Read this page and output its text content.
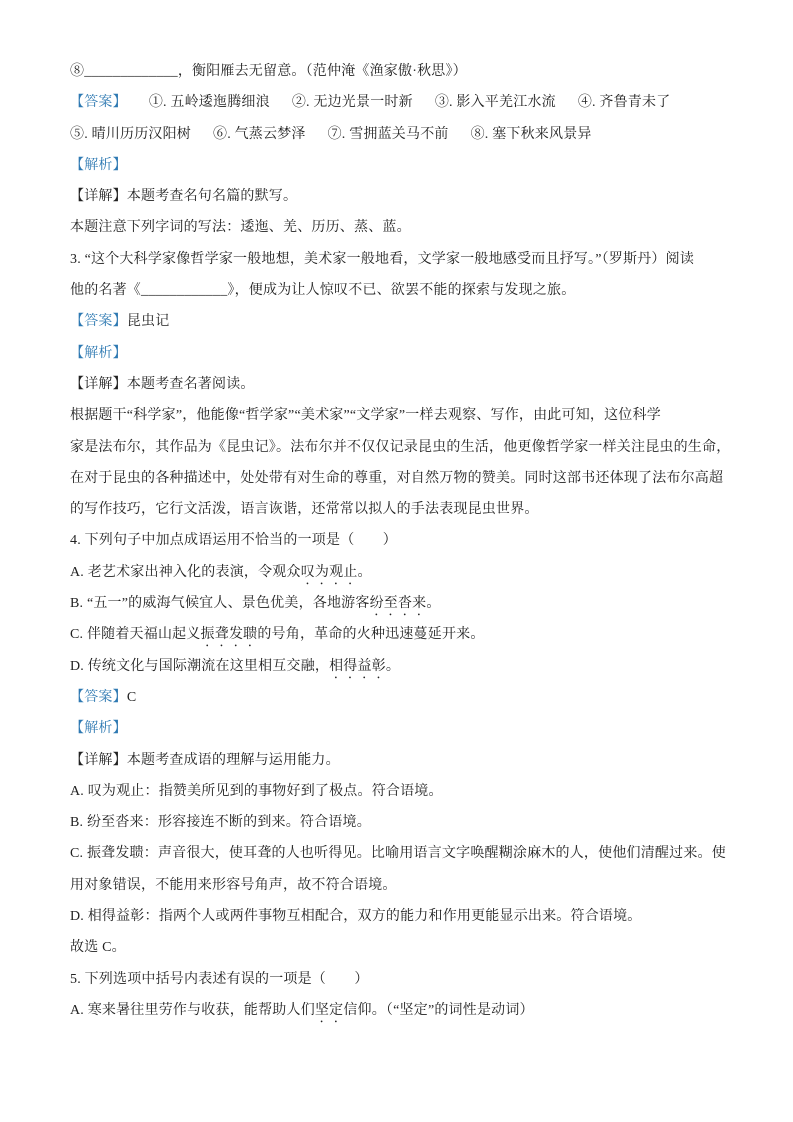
⑧_____________，衡阳雁去无留意。（范仲淹《渔家傲·秋思》）
【答案】 ①. 五岭逶迤腾细浪 ②. 无边光景一时新 ③. 影入平羌江水流 ④. 齐鲁青未了
⑤. 晴川历历汉阳树 ⑥. 气蒸云梦泽 ⑦. 雪拥蓝关马不前 ⑧. 塞下秋来风景异
【解析】
【详解】本题考查名句名篇的默写。
本题注意下列字词的写法：逶迤、羌、历历、蒸、蓝。
3. “这个大科学家像哲学家一般地想，美术家一般地看，文学家一般地感受而且抒写。”（罗斯丹）阅读
他的名著《____________》，便成为让人惊叹不已、欲罢不能的探索与发现之旅。
【答案】昆虫记
【解析】
【详解】本题考查名著阅读。
根据题干“科学家”，他能像“哲学家”“美术家”“文学家”一样去观察、写作，由此可知，这位科学
家是法布尔，其作品为《昆虫记》。法布尔并不仅仅记录昆虫的生活，他更像哲学家一样关注昆虫的生命，
在对于昆虫的各种描述中，处处带有对生命的尊重，对自然万物的赞美。同时这部书还体现了法布尔高超
的写作技巧，它行文活泼，语言诙谐，还常常以拟人的手法表现昆虫世界。
4. 下列句子中加点成语运用不恰当的一项是（　　）
A. 老艺术家出神入化的表演，令观众叹为观止。
B. “五一”的威海气候宜人、景色优美，各地游客纷至沓来。
C. 伴随着天福山起义振聋发聩的号角，革命的火种迅速蔓延开来。
D. 传统文化与国际潮流在这里相互交融，相得益彰。
【答案】C
【解析】
【详解】本题考查成语的理解与运用能力。
A. 叹为观止：指赞美所见到的事物好到了极点。符合语境。
B. 纷至沓来：形容接连不断的到来。符合语境。
C. 振聋发聩：声音很大，使耳聋的人也听得见。比喻用语言文字唤醒糊涂麻木的人，使他们清醒过来。使
用对象错误，不能用来形容号角声，故不符合语境。
D. 相得益彰：指两个人或两件事物互相配合，双方的能力和作用更能显示出来。符合语境。
故选 C。
5. 下列选项中括号内表述有误的一项是（　　）
A. 寒来暑往里劳作与收获，能帮助人们坚定信仰。（“坚定”的词性是动词）
